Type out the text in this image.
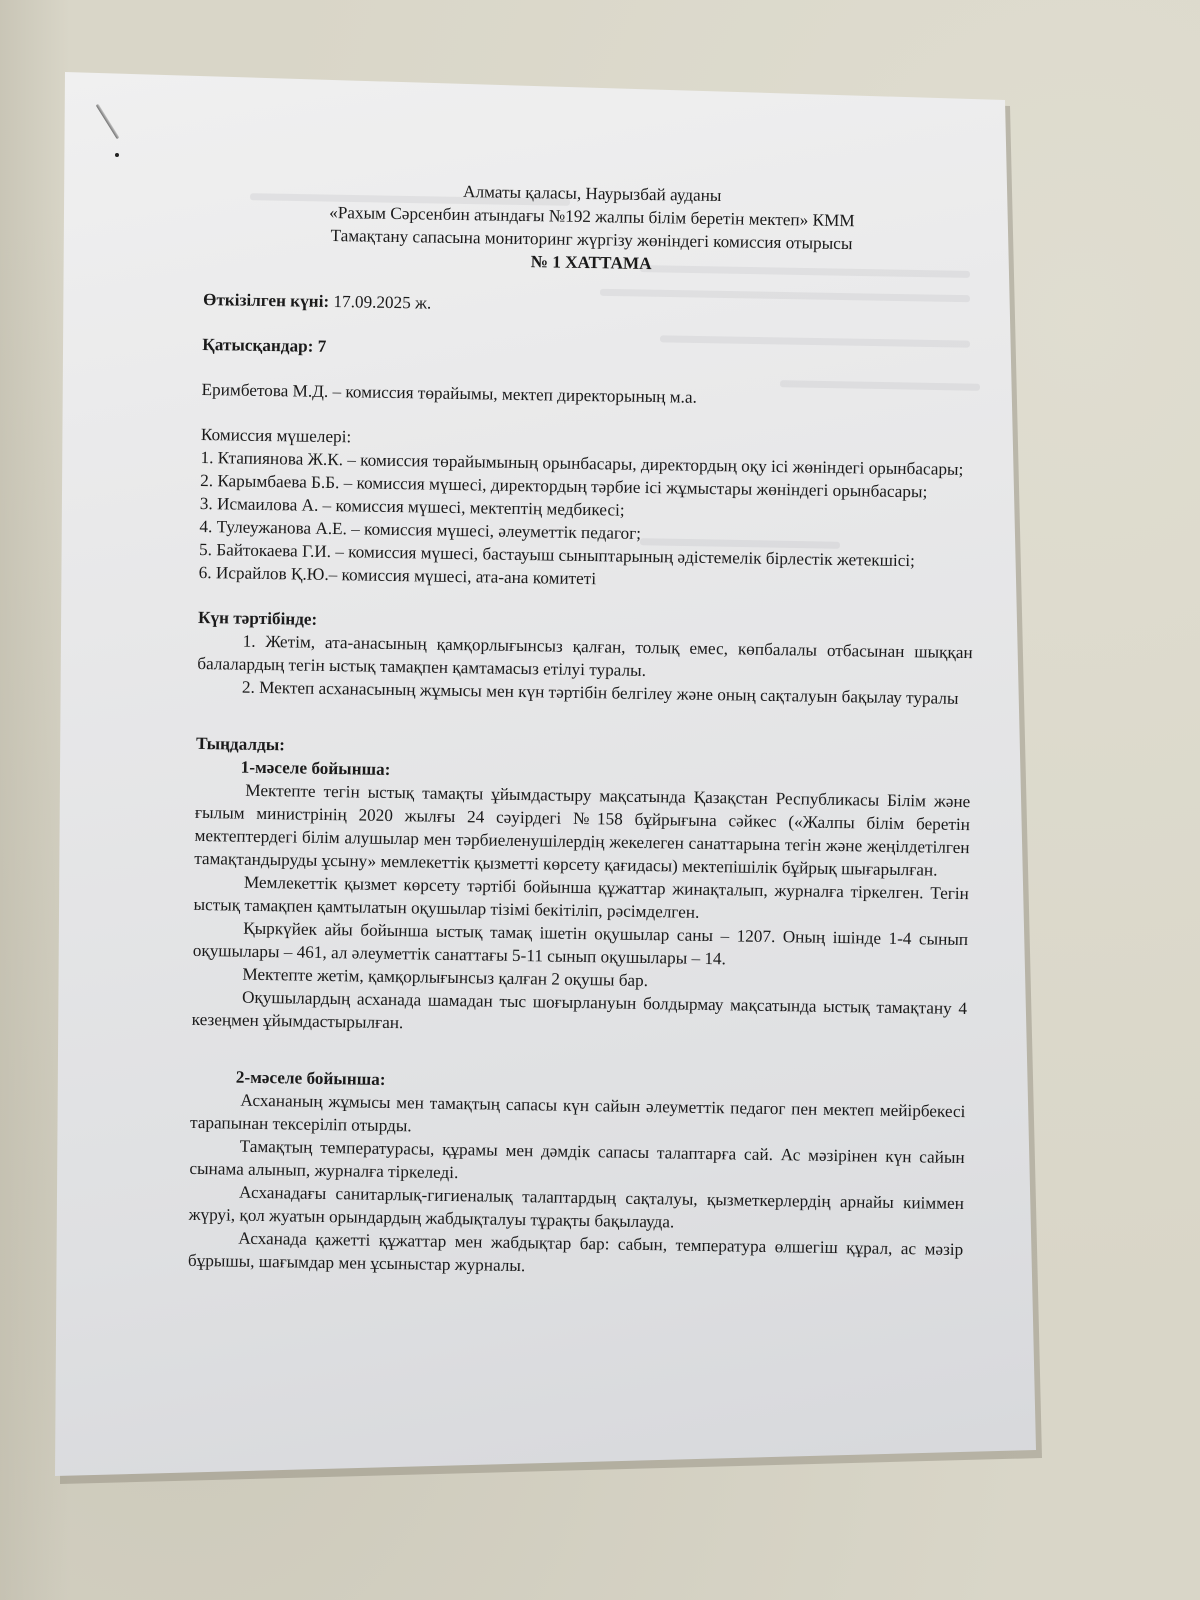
Алматы қаласы, Наурызбай ауданы
«Рахым Сәрсенбин атындағы №192 жалпы білім беретін мектеп» КММ
Тамақтану сапасына мониторинг жүргізу жөніндегі комиссия отырысы
№ 1 ХАТТАМА

Өткізілген күні: 17.09.2025 ж.

Қатысқандар: 7

Еримбетова М.Д. – комиссия төрайымы, мектеп директорының м.а.

Комиссия мүшелері:

1. Ктапиянова Ж.К. – комиссия төрайымының орынбасары, директордың оқу ісі жөніндегі орынбасары;

2. Карымбаева Б.Б. – комиссия мүшесі, директордың тәрбие ісі жұмыстары жөніндегі орынбасары;

3. Исмаилова А. – комиссия мүшесі, мектептің медбикесі;

4. Тулеужанова А.Е. – комиссия мүшесі, әлеуметтік педагог;

5. Байтокаева Г.И. – комиссия мүшесі, бастауыш сыныптарының әдістемелік бірлестік жетекшісі;

6. Исрайлов Қ.Ю.– комиссия мүшесі, ата-ана комитеті

Күн тәртібінде:

1. Жетім, ата-анасының қамқорлығынсыз қалған, толық емес, көпбалалы отбасынан шыққан балалардың тегін ыстық тамақпен қамтамасыз етілуі туралы.

2. Мектеп асханасының жұмысы мен күн тәртібін белгілеу және оның сақталуын бақылау туралы

Тыңдалды:

1-мәселе бойынша:

Мектепте тегін ыстық тамақты ұйымдастыру мақсатында Қазақстан Республикасы Білім және ғылым министрінің 2020 жылғы 24 сәуірдегі №158 бұйрығына сәйкес («Жалпы білім беретін мектептердегі білім алушылар мен тәрбиеленушілердің жекелеген санаттарына тегін және жеңілдетілген тамақтандыруды ұсыну» мемлекеттік қызметті көрсету қағидасы) мектепішілік бұйрық шығарылған.

Мемлекеттік қызмет көрсету тәртібі бойынша құжаттар жинақталып, журналға тіркелген. Тегін ыстық тамақпен қамтылатын оқушылар тізімі бекітіліп, рәсімделген.

Қыркүйек айы бойынша ыстық тамақ ішетін оқушылар саны – 1207. Оның ішінде 1-4 сынып оқушылары – 461, ал әлеуметтік санаттағы 5-11 сынып оқушылары – 14.

Мектепте жетім, қамқорлығынсыз қалған 2 оқушы бар.

Оқушылардың асханада шамадан тыс шоғырлануын болдырмау мақсатында ыстық тамақтану 4 кезеңмен ұйымдастырылған.

2-мәселе бойынша:

Асхананың жұмысы мен тамақтың сапасы күн сайын әлеуметтік педагог пен мектеп мейірбекесі тарапынан тексеріліп отырды.

Тамақтың температурасы, құрамы мен дәмдік сапасы талаптарға сай. Ас мәзірінен күн сайын сынама алынып, журналға тіркеледі.

Асханадағы санитарлық-гигиеналық талаптардың сақталуы, қызметкерлердің арнайы киіммен жүруі, қол жуатын орындардың жабдықталуы тұрақты бақылауда.

Асханада қажетті құжаттар мен жабдықтар бар: сабын, температура өлшегіш құрал, ас мәзір бұрышы, шағымдар мен ұсыныстар журналы.
